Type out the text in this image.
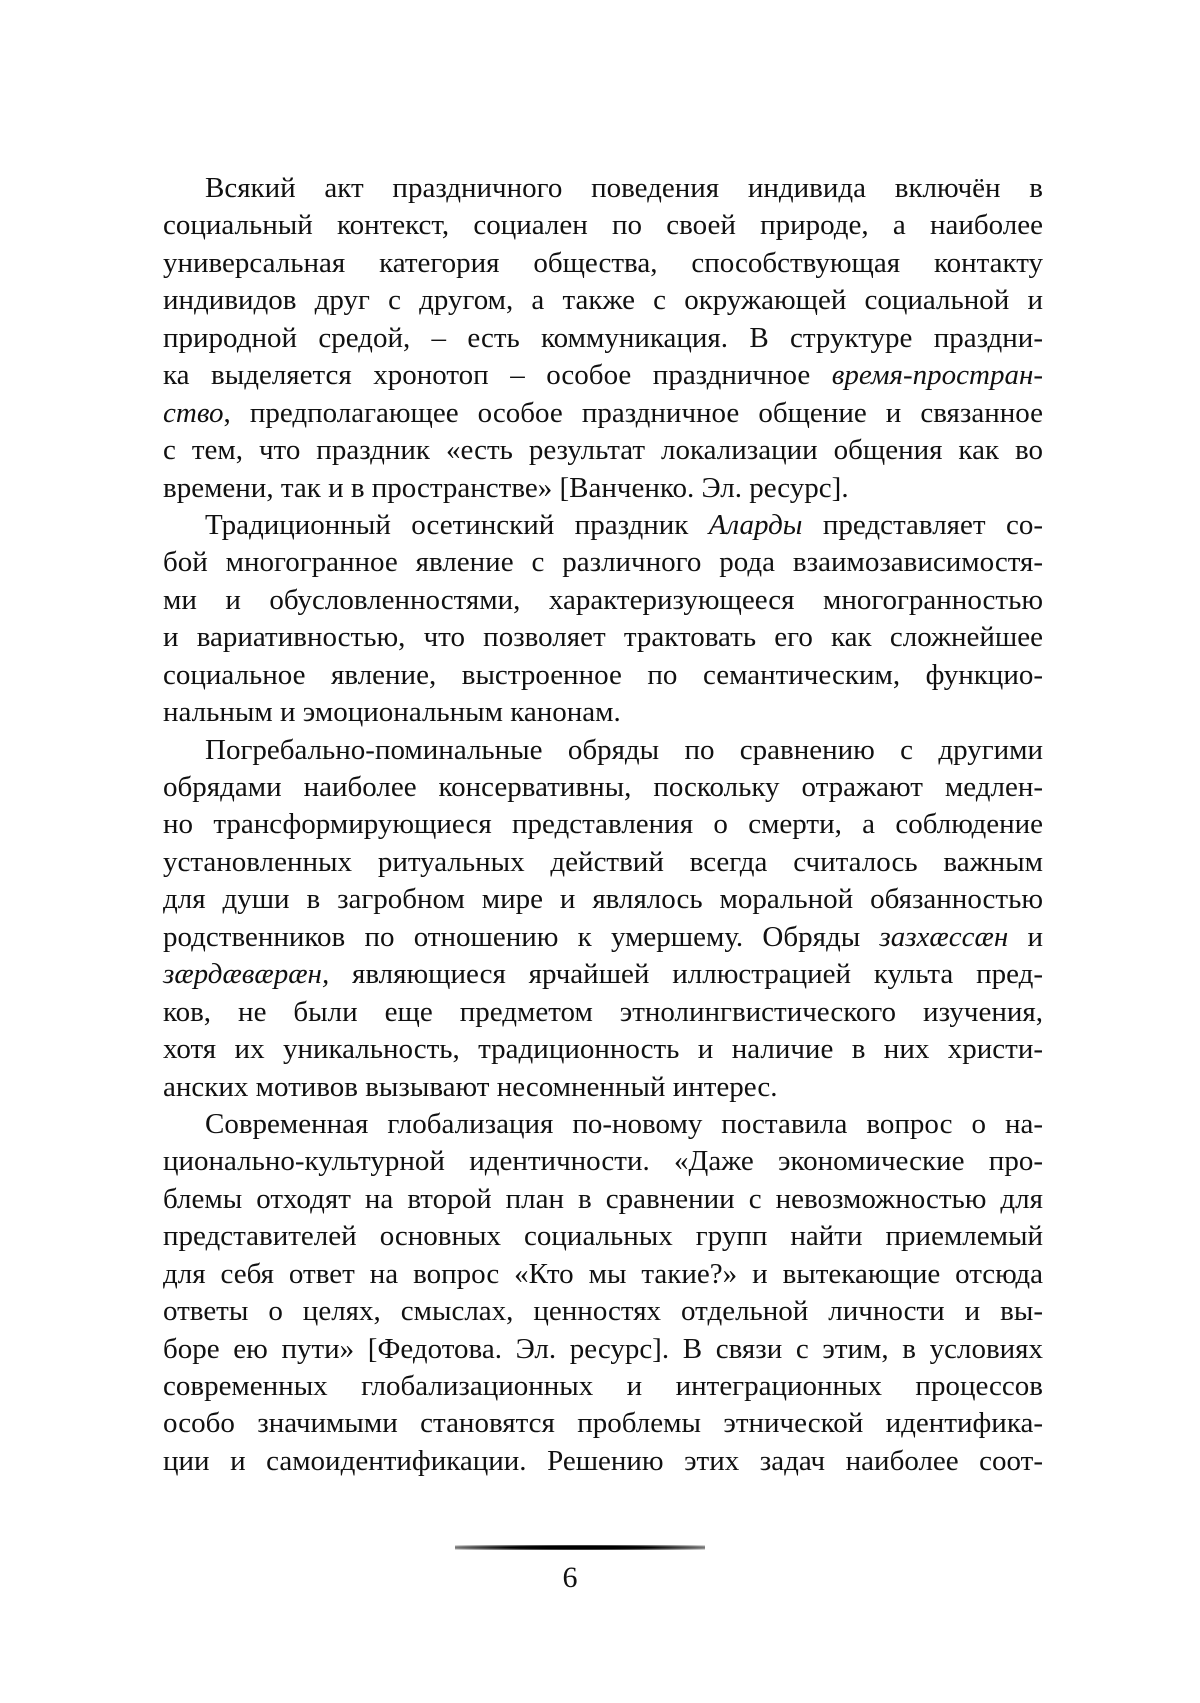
Всякий акт праздничного поведения индивида включён в
социальный контекст, социален по своей природе, а наиболее
универсальная категория общества, способствующая контакту
индивидов друг с другом, а также с окружающей социальной и
природной средой, – есть коммуникация. В структуре праздни-
ка выделяется хронотоп – особое праздничное время-простран-
ство, предполагающее особое праздничное общение и связанное
с тем, что праздник «есть результат локализации общения как во
времени, так и в пространстве» [Ванченко. Эл. ресурс].
Традиционный осетинский праздник Аларды представляет со-
бой многогранное явление с различного рода взаимозависимостя-
ми и обусловленностями, характеризующееся многогранностью
и вариативностью, что позволяет трактовать его как сложнейшее
социальное явление, выстроенное по семантическим, функцио-
нальным и эмоциональным канонам.
Погребально-поминальные обряды по сравнению с другими
обрядами наиболее консервативны, поскольку отражают медлен-
но трансформирующиеся представления о смерти, а соблюдение
установленных ритуальных действий всегда считалось важным
для души в загробном мире и являлось моральной обязанностью
родственников по отношению к умершему. Обряды зазхæссæн и
зæрдæвæрæн, являющиеся ярчайшей иллюстрацией культа пред-
ков, не были еще предметом этнолингвистического изучения,
хотя их уникальность, традиционность и наличие в них христи-
анских мотивов вызывают несомненный интерес.
Современная глобализация по-новому поставила вопрос о на-
ционально-культурной идентичности. «Даже экономические про-
блемы отходят на второй план в сравнении с невозможностью для
представителей основных социальных групп найти приемлемый
для себя ответ на вопрос «Кто мы такие?» и вытекающие отсюда
ответы о целях, смыслах, ценностях отдельной личности и вы-
боре ею пути» [Федотова. Эл. ресурс]. В связи с этим, в условиях
современных глобализационных и интеграционных процессов
особо значимыми становятся проблемы этнической идентифика-
ции и самоидентификации. Решению этих задач наиболее соот-
6
